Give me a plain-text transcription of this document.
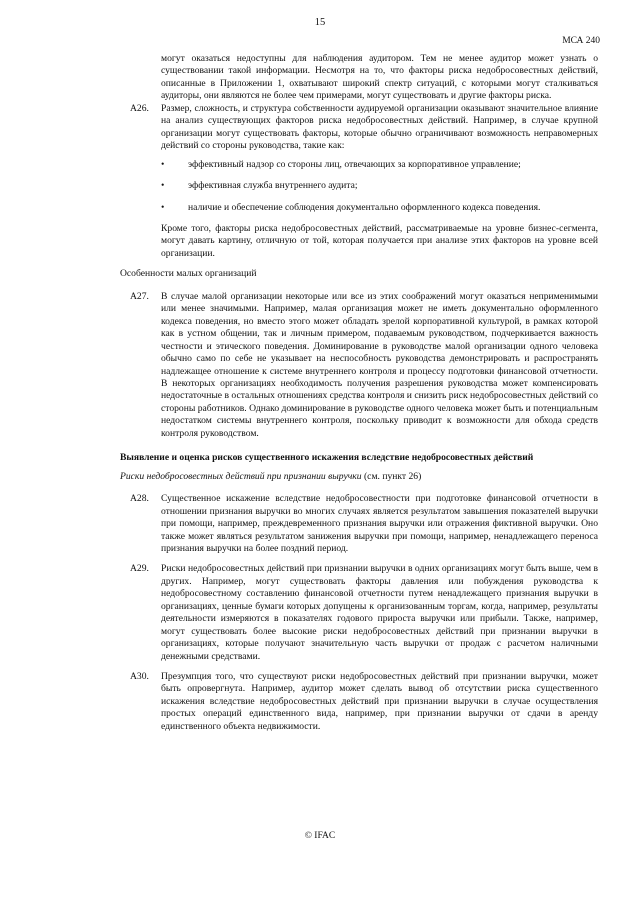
15
МСА 240

могут оказаться недоступны для наблюдения аудитором. Тем не менее аудитор может узнать о существовании такой информации. Несмотря на то, что факторы риска недобросовестных действий, описанные в Приложении 1, охватывают широкий спектр ситуаций, с которыми могут сталкиваться аудиторы, они являются не более чем примерами, могут существовать и другие факторы риска.

A26. Размер, сложность, и структура собственности аудируемой организации оказывают значительное влияние на анализ существующих факторов риска недобросовестных действий. Например, в случае крупной организации могут существовать факторы, которые обычно ограничивают возможность неправомерных действий со стороны руководства, такие как:

• эффективный надзор со стороны лиц, отвечающих за корпоративное управление;
• эффективная служба внутреннего аудита;
• наличие и обеспечение соблюдения документально оформленного кодекса поведения.

Кроме того, факторы риска недобросовестных действий, рассматриваемые на уровне бизнес-сегмента, могут давать картину, отличную от той, которая получается при анализе этих факторов на уровне всей организации.

Особенности малых организаций
A27. В случае малой организации некоторые или все из этих соображений могут оказаться неприменимыми или менее значимыми. Например, малая организация может не иметь документально оформленного кодекса поведения, но вместо этого может обладать зрелой корпоративной культурой, в рамках которой как в устном общении, так и личным примером, подаваемым руководством, подчеркивается важность честности и этического поведения. Доминирование в руководстве малой организации одного человека обычно само по себе не указывает на неспособность руководства демонстрировать и распространять надлежащее отношение к системе внутреннего контроля и процессу подготовки финансовой отчетности. В некоторых организациях необходимость получения разрешения руководства может компенсировать недостаточные в остальных отношениях средства контроля и снизить риск недобросовестных действий со стороны работников. Однако доминирование в руководстве одного человека может быть и потенциальным недостатком системы внутреннего контроля, поскольку приводит к возможности для обхода средств контроля руководством.

Выявление и оценка рисков существенного искажения вследствие недобросовестных действий
Риски недобросовестных действий при признании выручки (см. пункт 26)
A28. Существенное искажение вследствие недобросовестности при подготовке финансовой отчетности в отношении признания выручки во многих случаях является результатом завышения показателей выручки при помощи, например, преждевременного признания выручки или отражения фиктивной выручки. Оно также может являться результатом занижения выручки при помощи, например, ненадлежащего переноса признания выручки на более поздний период.

A29. Риски недобросовестных действий при признании выручки в одних организациях могут быть выше, чем в других. Например, могут существовать факторы давления или побуждения руководства к недобросовестному составлению финансовой отчетности путем ненадлежащего признания выручки в организациях, ценные бумаги которых допущены к организованным торгам, когда, например, результаты деятельности измеряются в показателях годового прироста выручки или прибыли. Также, например, могут существовать более высокие риски недобросовестных действий при признании выручки в организациях, которые получают значительную часть выручки от продаж с расчетом наличными денежными средствами.

A30. Презумпция того, что существуют риски недобросовестных действий при признании выручки, может быть опровергнута. Например, аудитор может сделать вывод об отсутствии риска существенного искажения вследствие недобросовестных действий при признании выручки в случае осуществления простых операций единственного вида, например, при признании выручки от сдачи в аренду единственного объекта недвижимости.

© IFAC
